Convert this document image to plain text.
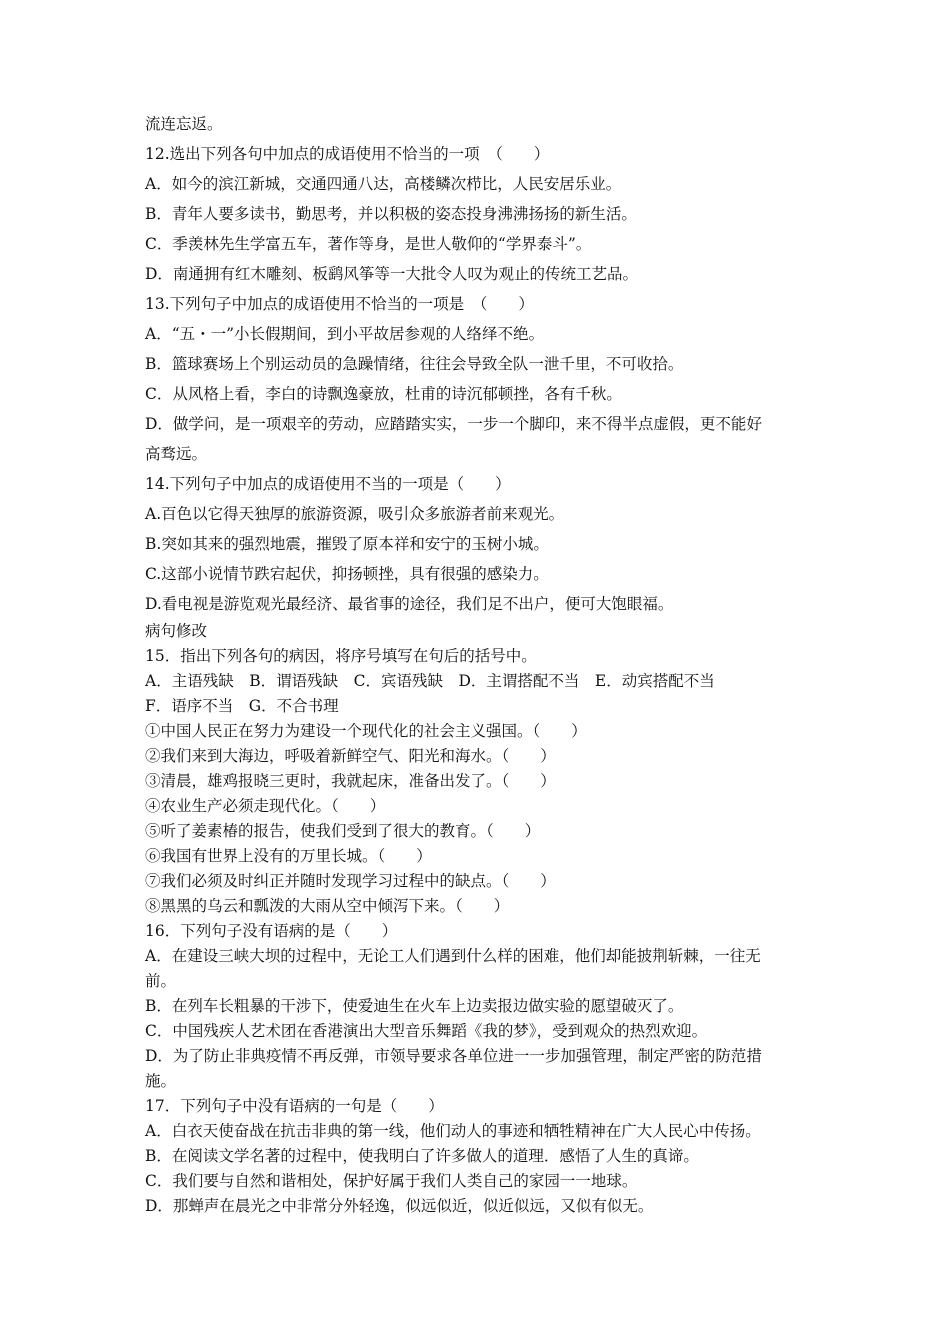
流连忘返。
12.选出下列各句中加点的成语使用不恰当的一项　（　　）
A．如今的滨江新城，交通四通八达，高楼鳞次栉比，人民安居乐业。
B．青年人要多读书，勤思考，并以积极的姿态投身沸沸扬扬的新生活。
C．季羡林先生学富五车，著作等身，是世人敬仰的“学界泰斗”。
D．南通拥有红木雕刻、板鹞风筝等一大批令人叹为观止的传统工艺品。
13.下列句子中加点的成语使用不恰当的一项是　（　　）
A．“五・一”小长假期间，到小平故居参观的人络绎不绝。
B．篮球赛场上个别运动员的急躁情绪，往往会导致全队一泄千里，不可收拾。
C．从风格上看，李白的诗飘逸豪放，杜甫的诗沉郁顿挫，各有千秋。
D．做学问，是一项艰辛的劳动，应踏踏实实，一步一个脚印，来不得半点虚假，更不能好
高骛远。
14.下列句子中加点的成语使用不当的一项是（　　）
A.百色以它得天独厚的旅游资源，吸引众多旅游者前来观光。
B.突如其来的强烈地震，摧毁了原本祥和安宁的玉树小城。
C.这部小说情节跌宕起伏，抑扬顿挫，具有很强的感染力。
D.看电视是游览观光最经济、最省事的途径，我们足不出户，便可大饱眼福。
病句修改
15．指出下列各句的病因，将序号填写在句后的括号中。
A．主语残缺　B．谓语残缺　C．宾语残缺　D．主谓搭配不当　E．动宾搭配不当
F．语序不当　G．不合书理
①中国人民正在努力为建设一个现代化的社会主义强国。（　　）
②我们来到大海边，呼吸着新鲜空气、阳光和海水。（　　）
③清晨，雄鸡报晓三更时，我就起床，准备出发了。（　　）
④农业生产必须走现代化。（　　）
⑤听了姜素椿的报告，使我们受到了很大的教育。（　　）
⑥我国有世界上没有的万里长城。（　　）
⑦我们必须及时纠正并随时发现学习过程中的缺点。（　　）
⑧黑黑的乌云和瓢泼的大雨从空中倾泻下来。（　　）
16．下列句子没有语病的是（　　）
A．在建设三峡大坝的过程中，无论工人们遇到什么样的困难，他们却能披荆斩棘，一往无
前。
B．在列车长粗暴的干涉下，使爱迪生在火车上边卖报边做实验的愿望破灭了。
C．中国残疾人艺术团在香港演出大型音乐舞蹈《我的梦》，受到观众的热烈欢迎。
D．为了防止非典疫情不再反弹，市领导要求各单位进一一步加强管理，制定严密的防范措
施。
17．下列句子中没有语病的一句是（　　）
A．白衣天使奋战在抗击非典的第一线，他们动人的事迹和牺牲精神在广大人民心中传扬。
B．在阅读文学名著的过程中，使我明白了许多做人的道理．感悟了人生的真谛。
C．我们要与自然和谐相处，保护好属于我们人类自己的家园一一地球。
D．那蝉声在晨光之中非常分外轻逸，似远似近，似近似远，又似有似无。
